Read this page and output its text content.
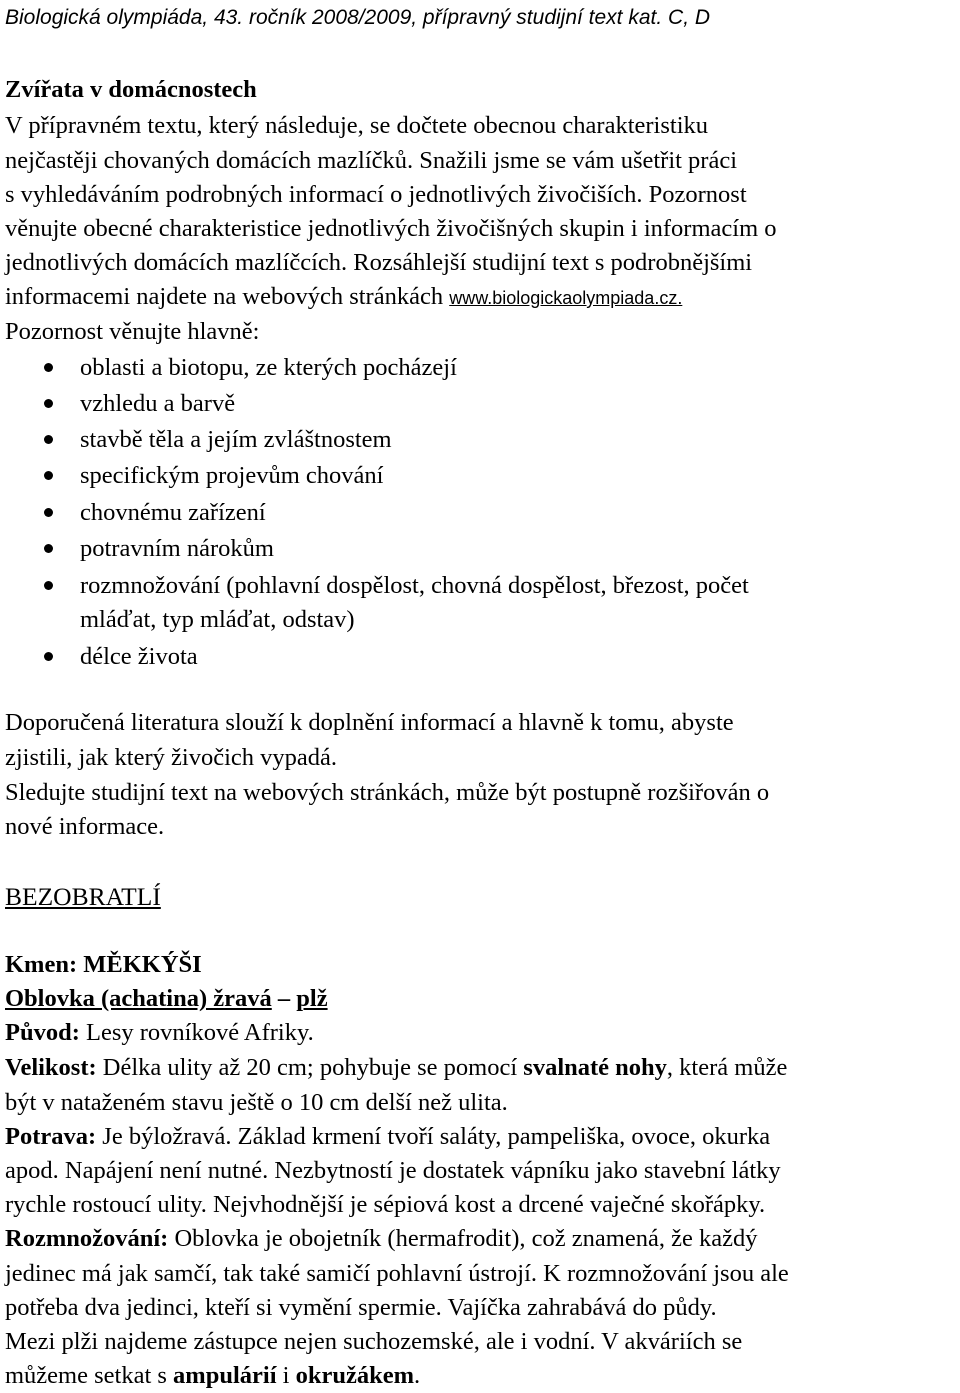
Biologická olympiáda, 43. ročník 2008/2009, přípravný studijní text kat. C, D
Zvířata v domácnostech
V přípravném textu, který následuje, se dočtete obecnou charakteristiku
nejčastěji chovaných domácích mazlíčků. Snažili jsme se vám ušetřit práci
s vyhledáváním podrobných informací o jednotlivých živočiších. Pozornost
věnujte obecné charakteristice jednotlivých živočišných skupin i informacím o
jednotlivých domácích mazlíčcích. Rozsáhlejší studijní text s podrobnějšími
informacemi najdete na webových stránkách www.biologickaolympiada.cz.
Pozornost věnujte hlavně:
oblasti a biotopu, ze kterých pocházejí
vzhledu a barvě
stavbě těla a jejím zvláštnostem
specifickým projevům chování
chovnému zařízení
potravním nárokům
rozmnožování (pohlavní dospělost, chovná dospělost, březost, počet
mláďat, typ mláďat, odstav)
délce života
Doporučená literatura slouží k doplnění informací a hlavně k tomu, abyste
zjistili, jak který živočich vypadá.
Sledujte studijní text na webových stránkách, může být postupně rozšiřován o
nové informace.
BEZOBRATLÍ
Kmen: MĚKKÝŠI
Oblovka (achatina) žravá – plž
Původ: Lesy rovníkové Afriky.
Velikost: Délka ulity až 20 cm; pohybuje se pomocí svalnaté nohy, která může
být v nataženém stavu ještě o 10 cm delší než ulita.
Potrava: Je býložravá. Základ krmení tvoří saláty, pampeliška, ovoce, okurka
apod. Napájení není nutné. Nezbytností je dostatek vápníku jako stavební látky
rychle rostoucí ulity. Nejvhodnější je sépiová kost a drcené vaječné skořápky.
Rozmnožování: Oblovka je obojetník (hermafrodit), což znamená, že každý
jedinec má jak samčí, tak také samičí pohlavní ústrojí. K rozmnožování jsou ale
potřeba dva jedinci, kteří si vymění spermie. Vajíčka zahrabává do půdy.
Mezi plži najdeme zástupce nejen suchozemské, ale i vodní. V akváriích se
můžeme setkat s ampulárií i okružákem.
